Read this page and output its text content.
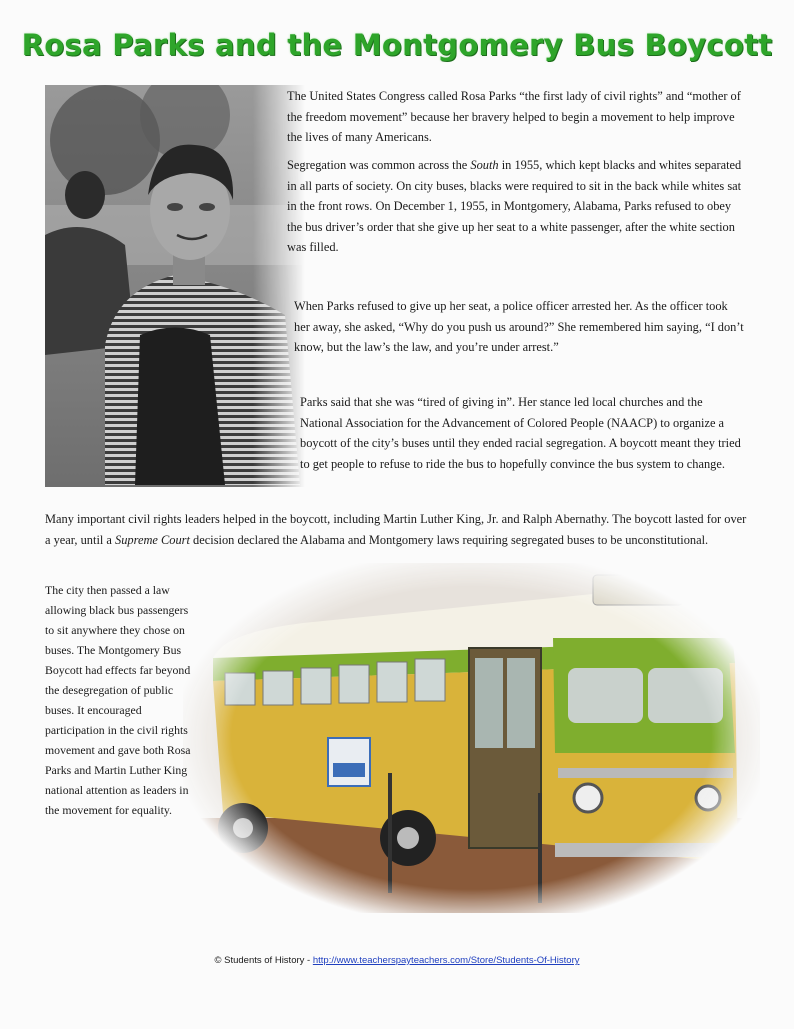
Rosa Parks and the Montgomery Bus Boycott

The United States Congress called Rosa Parks “the first lady of civil rights” and “mother of the freedom movement” because her bravery helped to begin a movement to help improve the lives of many Americans.

Segregation was common across the South in 1955, which kept blacks and whites separated in all parts of society. On city buses, blacks were required to sit in the back while whites sat in the front rows. On December 1, 1955, in Montgomery, Alabama, Parks refused to obey the bus driver’s order that she give up her seat to a white passenger, after the white section was filled.

When Parks refused to give up her seat, a police officer arrested her. As the officer took her away, she asked, “Why do you push us around?” She remembered him saying, “I don’t know, but the law’s the law, and you’re under arrest.”

Parks said that she was “tired of giving in”. Her stance led local churches and the National Association for the Advancement of Colored People (NAACP) to organize a boycott of the city’s buses until they ended racial segregation. A boycott meant they tried to get people to refuse to ride the bus to hopefully convince the bus system to change.

Many important civil rights leaders helped in the boycott, including Martin Luther King, Jr. and Ralph Abernathy. The boycott lasted for over a year, until a Supreme Court decision declared the Alabama and Montgomery laws requiring segregated buses to be unconstitutional.

The city then passed a law allowing black bus passengers to sit anywhere they chose on buses. The Montgomery Bus Boycott had effects far beyond the desegregation of public buses. It encouraged participation in the civil rights movement and gave both Rosa Parks and Martin Luther King national attention as leaders in the movement for equality.

© Students of History - http://www.teacherspayteachers.com/Store/Students-Of-History
